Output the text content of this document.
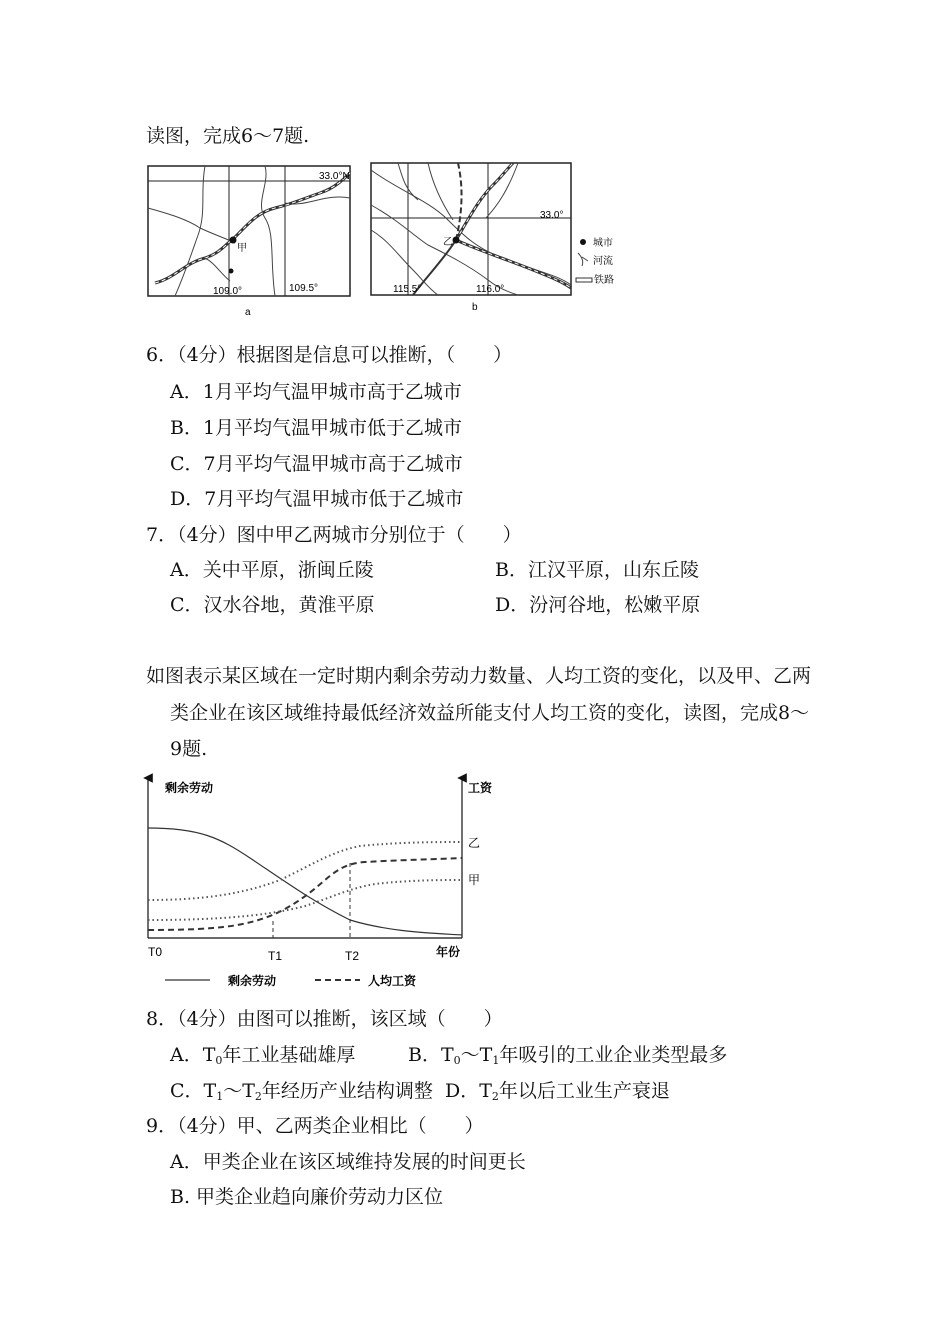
读图，完成6～7题.
甲
33.0°N
109.0°	109.5°
a
乙
33.0°
115.5°	116.0°
b
城市
河流
铁路
6．（4分）根据图是信息可以推断，（　　）
A．1月平均气温甲城市高于乙城市
B．1月平均气温甲城市低于乙城市
C．7月平均气温甲城市高于乙城市
D．7月平均气温甲城市低于乙城市
7．（4分）图中甲乙两城市分别位于（　　）
A．关中平原，浙闽丘陵	B．江汉平原，山东丘陵
C．汉水谷地，黄淮平原	D．汾河谷地，松嫩平原
如图表示某区域在一定时期内剩余劳动力数量、人均工资的变化，以及甲、乙两
类企业在该区域维持最低经济效益所能支付人均工资的变化，读图，完成8～
9题.
剩余劳动	工资
乙
甲
T0	T1	T2	年份
剩余劳动	人均工资
8．（4分）由图可以推断，该区域（　　）
A．$T_0$年工业基础雄厚	B．$T_0\sim T_1$年吸引的工业企业类型最多
C．$T_1\sim T_2$年经历产业结构调整 D．$T_2$年以后工业生产衰退
9．（4分）甲、乙两类企业相比（　　）
A．甲类企业在该区域维持发展的时间更长
B. 甲类企业趋向廉价劳动力区位
